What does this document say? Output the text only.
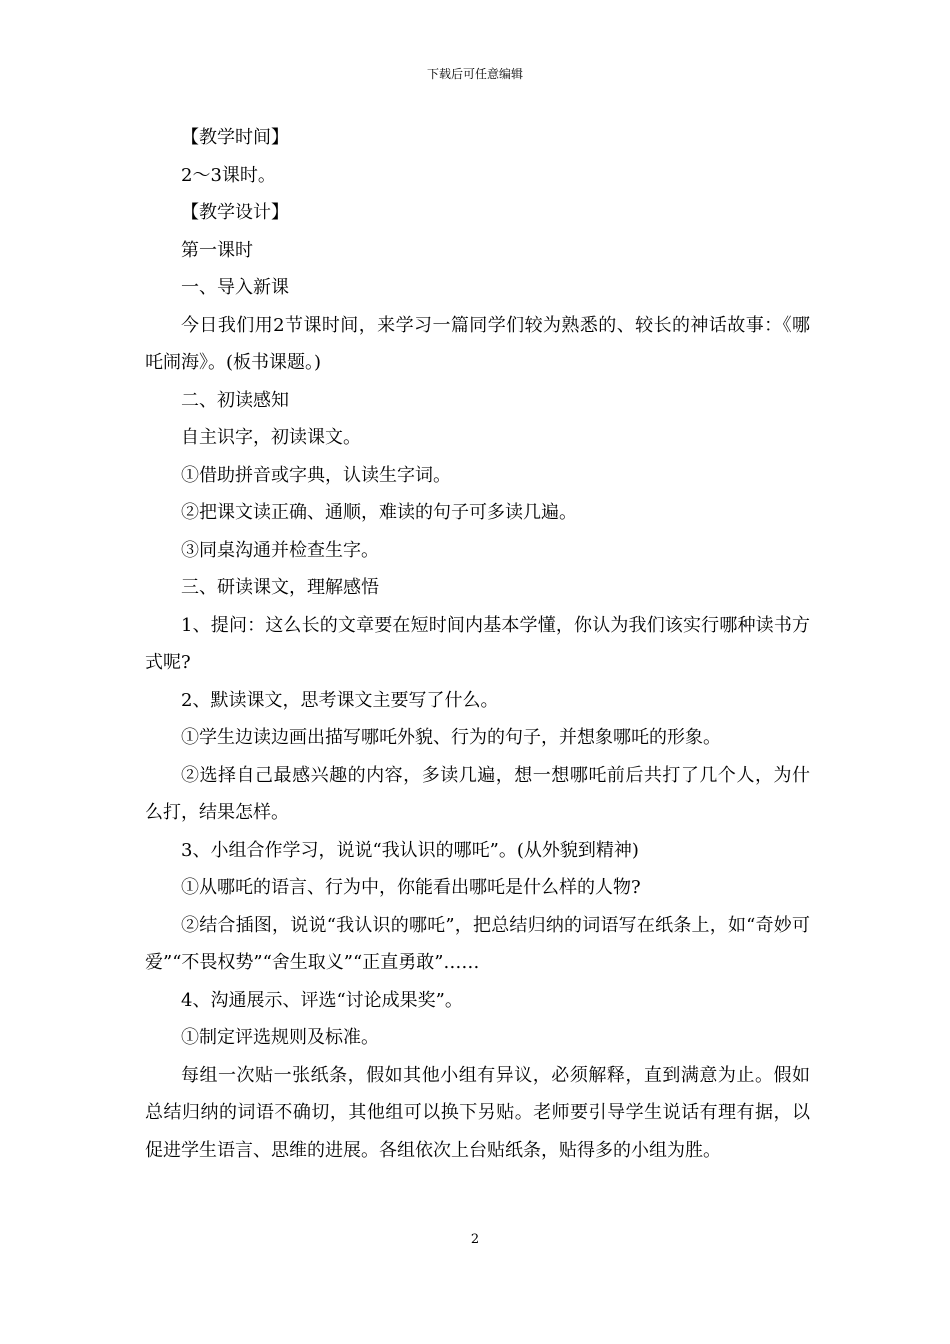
下载后可任意编辑

【教学时间】

2～3课时。

【教学设计】

第一课时

一、导入新课

今日我们用2节课时间，来学习一篇同学们较为熟悉的、较长的神话故事：《哪吒闹海》。(板书课题。)

二、初读感知

自主识字，初读课文。

①借助拼音或字典，认读生字词。

②把课文读正确、通顺，难读的句子可多读几遍。

③同桌沟通并检查生字。

三、研读课文，理解感悟

1、提问：这么长的文章要在短时间内基本学懂，你认为我们该实行哪种读书方式呢?

2、默读课文，思考课文主要写了什么。

①学生边读边画出描写哪吒外貌、行为的句子，并想象哪吒的形象。

②选择自己最感兴趣的内容，多读几遍，想一想哪吒前后共打了几个人，为什么打，结果怎样。

3、小组合作学习，说说“我认识的哪吒”。(从外貌到精神)

①从哪吒的语言、行为中，你能看出哪吒是什么样的人物?

②结合插图，说说“我认识的哪吒”，把总结归纳的词语写在纸条上，如“奇妙可爱”“不畏权势”“舍生取义”“正直勇敢”……

4、沟通展示、评选“讨论成果奖”。

①制定评选规则及标准。

每组一次贴一张纸条，假如其他小组有异议，必须解释，直到满意为止。假如总结归纳的词语不确切，其他组可以换下另贴。老师要引导学生说话有理有据，以促进学生语言、思维的进展。各组依次上台贴纸条，贴得多的小组为胜。

2
